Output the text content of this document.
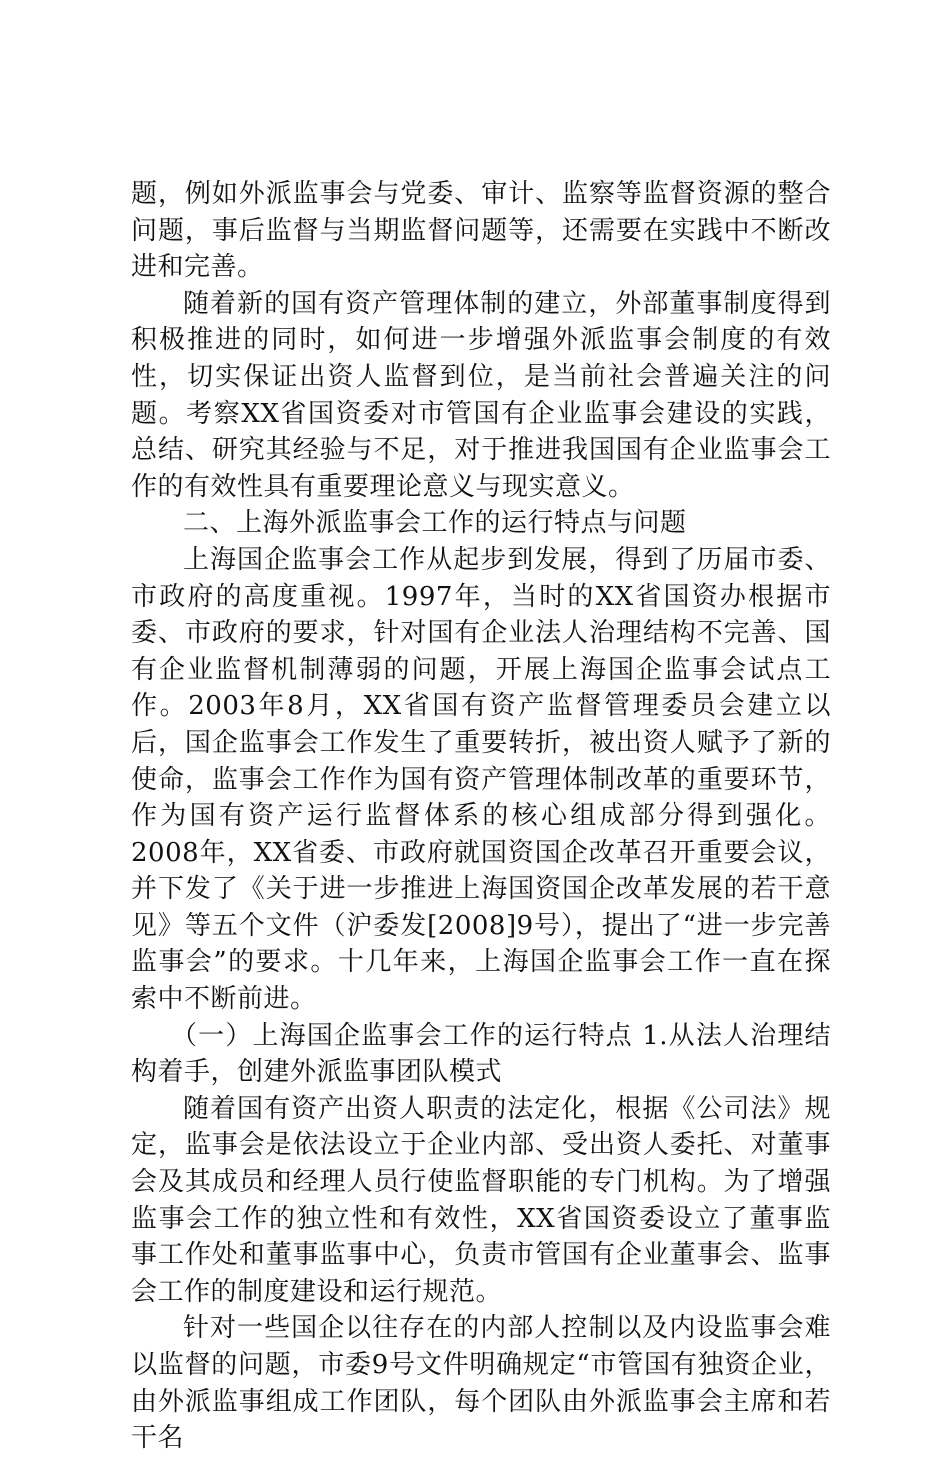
题，例如外派监事会与党委、审计、监察等监督资源的整合问题，事后监督与当期监督问题等，还需要在实践中不断改进和完善。

随着新的国有资产管理体制的建立，外部董事制度得到积极推进的同时，如何进一步增强外派监事会制度的有效性，切实保证出资人监督到位，是当前社会普遍关注的问题。考察XX省国资委对市管国有企业监事会建设的实践，总结、研究其经验与不足，对于推进我国国有企业监事会工作的有效性具有重要理论意义与现实意义。

二、上海外派监事会工作的运行特点与问题

上海国企监事会工作从起步到发展，得到了历届市委、市政府的高度重视。1997年，当时的XX省国资办根据市委、市政府的要求，针对国有企业法人治理结构不完善、国有企业监督机制薄弱的问题，开展上海国企监事会试点工作。2003年8月，XX省国有资产监督管理委员会建立以后，国企监事会工作发生了重要转折，被出资人赋予了新的使命，监事会工作作为国有资产管理体制改革的重要环节，作为国有资产运行监督体系的核心组成部分得到强化。2008年，XX省委、市政府就国资国企改革召开重要会议，并下发了《关于进一步推进上海国资国企改革发展的若干意见》等五个文件（沪委发[2008]9号），提出了“进一步完善监事会”的要求。十几年来，上海国企监事会工作一直在探索中不断前进。

（一）上海国企监事会工作的运行特点 1.从法人治理结构着手，创建外派监事团队模式

随着国有资产出资人职责的法定化，根据《公司法》规定，监事会是依法设立于企业内部、受出资人委托、对董事会及其成员和经理人员行使监督职能的专门机构。为了增强监事会工作的独立性和有效性，XX省国资委设立了董事监事工作处和董事监事中心，负责市管国有企业董事会、监事会工作的制度建设和运行规范。

针对一些国企以往存在的内部人控制以及内设监事会难以监督的问题，市委9号文件明确规定“市管国有独资企业，由外派监事组成工作团队，每个团队由外派监事会主席和若干名
